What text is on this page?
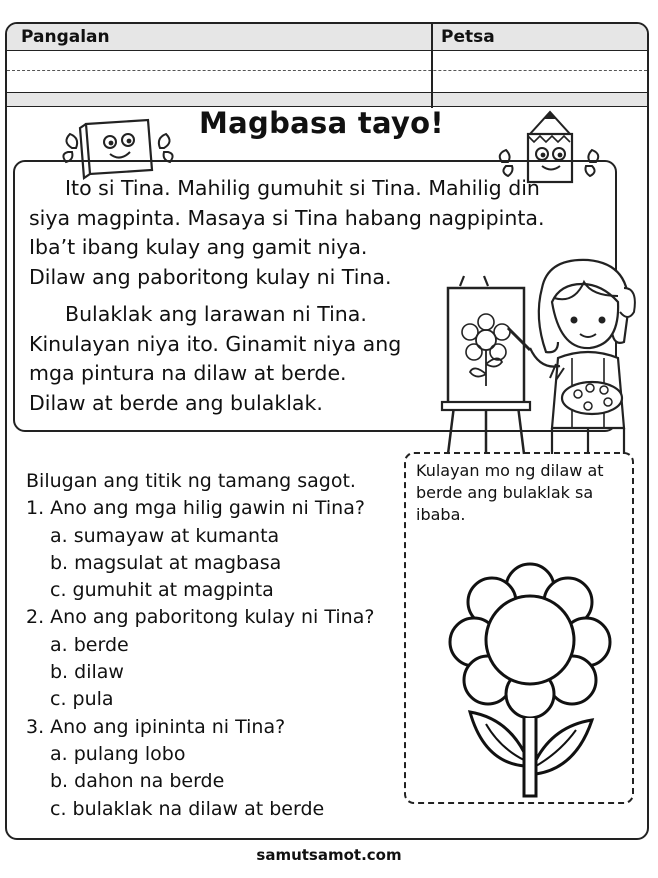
Pangalan	Petsa
Magbasa tayo!

Ito si Tina. Mahilig gumuhit si Tina. Mahilig din

siya magpinta. Masaya si Tina habang nagpipinta.

Iba’t ibang kulay ang gamit niya.

Dilaw ang paboritong kulay ni Tina.

Bulaklak ang larawan ni Tina.

Kinulayan niya ito. Ginamit niya ang

mga pintura na dilaw at berde.

Dilaw at berde ang bulaklak.

Bilugan ang titik ng tamang sagot.
1. Ano ang mga hilig gawin ni Tina?
a. sumayaw at kumanta
b. magsulat at magbasa
c. gumuhit at magpinta
2. Ano ang paboritong kulay ni Tina?
a. berde
b. dilaw
c. pula
3. Ano ang ipininta ni Tina?
a. pulang lobo
b. dahon na berde
c. bulaklak na dilaw at berde
Kulayan mo ng dilaw at berde ang bulaklak sa ibaba.
samutsamot.com
